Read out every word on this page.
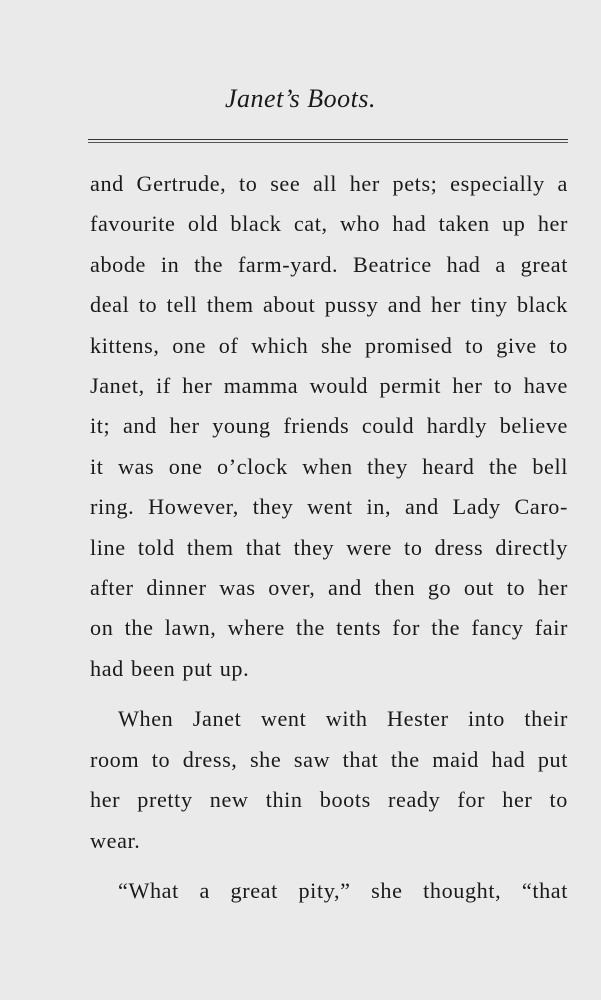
Janet’s Boots.

and Gertrude, to see all her pets; especially a
favourite old black cat, who had taken up her
abode in the farm-yard. Beatrice had a great
deal to tell them about pussy and her tiny black
kittens, one of which she promised to give to
Janet, if her mamma would permit her to have
it; and her young friends could hardly believe
it was one o’clock when they heard the bell
ring. However, they went in, and Lady Caro-
line told them that they were to dress directly
after dinner was over, and then go out to her
on the lawn, where the tents for the fancy fair
had been put up.

When Janet went with Hester into their
room to dress, she saw that the maid had put
her pretty new thin boots ready for her to
wear.

“What a great pity,” she thought, “that
